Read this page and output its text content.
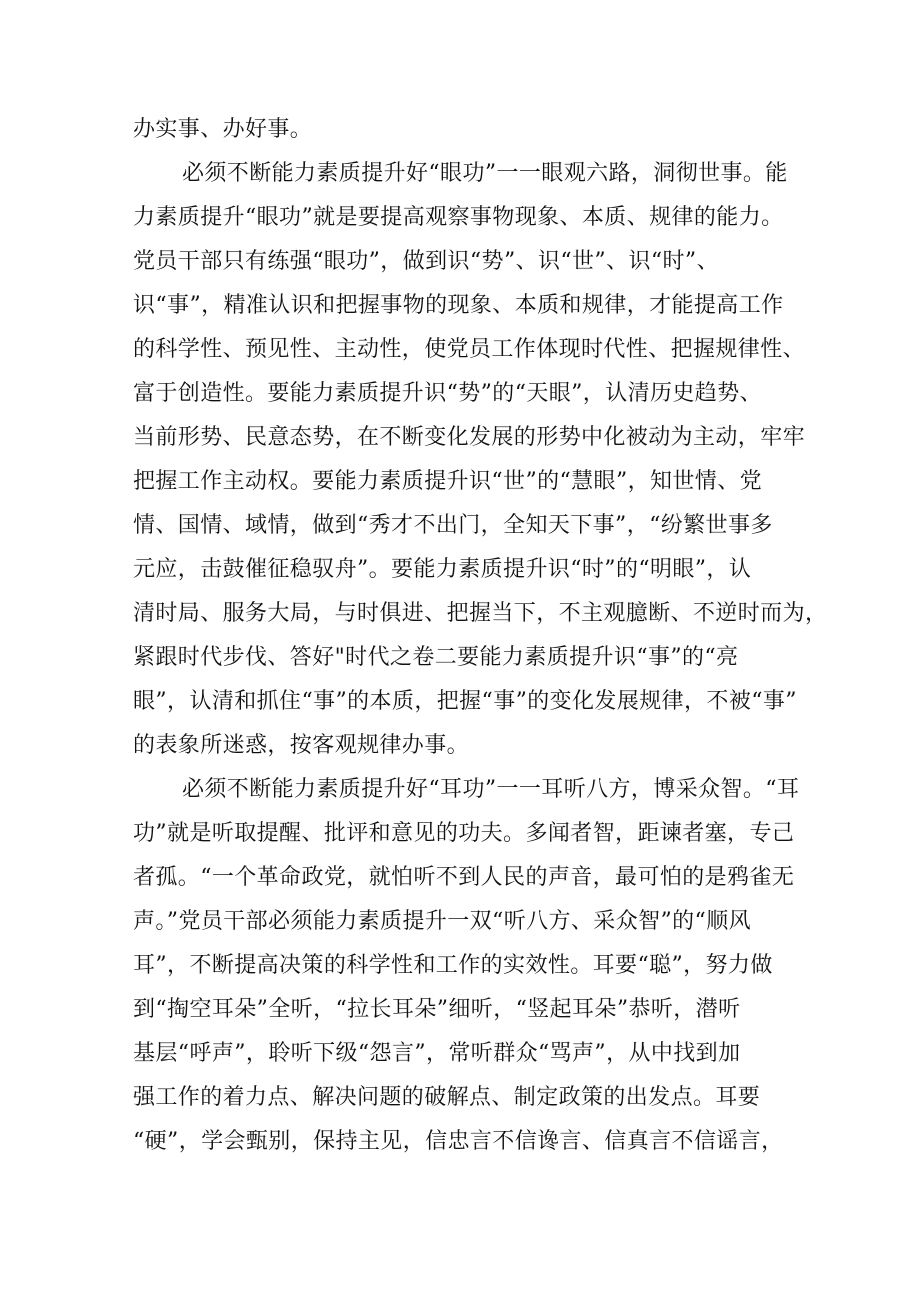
办实事、办好事。
必须不断能力素质提升好“眼功”一一眼观六路，洞彻世事。能
力素质提升“眼功”就是要提高观察事物现象、本质、规律的能力。
党员干部只有练强“眼功”，做到识“势”、识“世”、识“时”、
识“事”，精准认识和把握事物的现象、本质和规律，才能提高工作
的科学性、预见性、主动性，使党员工作体现时代性、把握规律性、
富于创造性。要能力素质提升识“势”的“天眼”，认清历史趋势、
当前形势、民意态势，在不断变化发展的形势中化被动为主动，牢牢
把握工作主动权。要能力素质提升识“世”的“慧眼”，知世情、党
情、国情、域情，做到“秀才不出门，全知天下事”，“纷繁世事多
元应，击鼓催征稳驭舟”。要能力素质提升识“时”的“明眼”，认
清时局、服务大局，与时俱进、把握当下，不主观臆断、不逆时而为，
紧跟时代步伐、答好"时代之卷二要能力素质提升识“事”的“亮
眼”，认清和抓住“事”的本质，把握“事”的变化发展规律，不被“事”
的表象所迷惑，按客观规律办事。
必须不断能力素质提升好“耳功”一一耳听八方，博采众智。“耳
功”就是听取提醒、批评和意见的功夫。多闻者智，距谏者塞，专己
者孤。“一个革命政党，就怕听不到人民的声音，最可怕的是鸦雀无
声。”党员干部必须能力素质提升一双“听八方、采众智”的“顺风
耳”，不断提高决策的科学性和工作的实效性。耳要“聪”，努力做
到“掏空耳朵”全听，“拉长耳朵”细听，“竖起耳朵”恭听，潜听
基层“呼声”，聆听下级“怨言”，常听群众“骂声”，从中找到加
强工作的着力点、解决问题的破解点、制定政策的出发点。耳要
“硬”，学会甄别，保持主见，信忠言不信谗言、信真言不信谣言，
